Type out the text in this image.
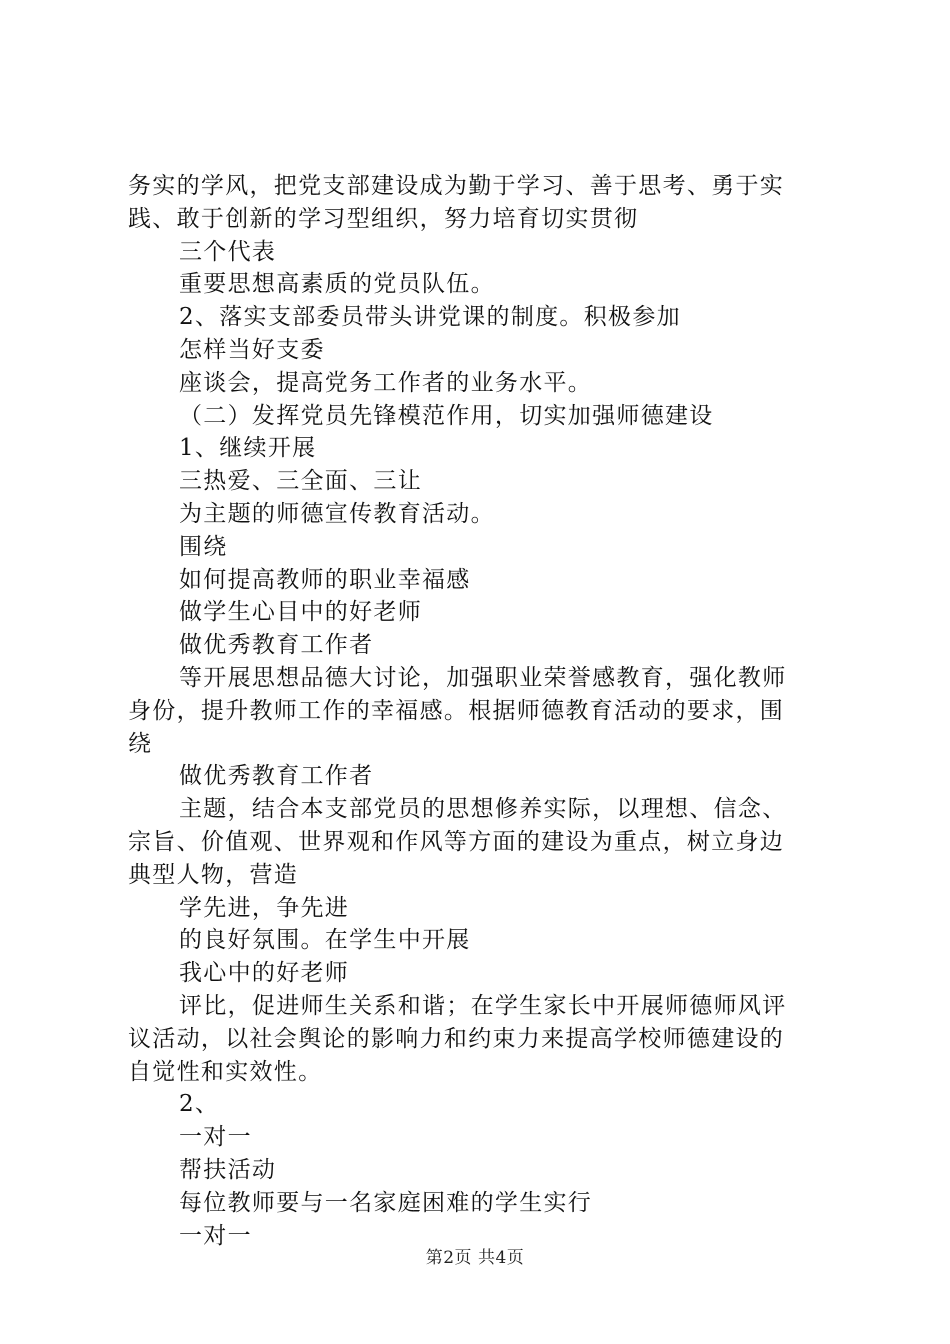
务实的学风，把党支部建设成为勤于学习、善于思考、勇于实
践、敢于创新的学习型组织，努力培育切实贯彻
三个代表
重要思想高素质的党员队伍。
2、落实支部委员带头讲党课的制度。积极参加
怎样当好支委
座谈会，提高党务工作者的业务水平。
（二）发挥党员先锋模范作用，切实加强师德建设
1、继续开展
三热爱、三全面、三让
为主题的师德宣传教育活动。
围绕
如何提高教师的职业幸福感
做学生心目中的好老师
做优秀教育工作者
等开展思想品德大讨论，加强职业荣誉感教育，强化教师
身份，提升教师工作的幸福感。根据师德教育活动的要求，围
绕
做优秀教育工作者
主题，结合本支部党员的思想修养实际，以理想、信念、
宗旨、价值观、世界观和作风等方面的建设为重点，树立身边
典型人物，营造
学先进，争先进
的良好氛围。在学生中开展
我心中的好老师
评比，促进师生关系和谐；在学生家长中开展师德师风评
议活动，以社会舆论的影响力和约束力来提高学校师德建设的
自觉性和实效性。
2、
一对一
帮扶活动
每位教师要与一名家庭困难的学生实行
一对一
第2页 共4页
